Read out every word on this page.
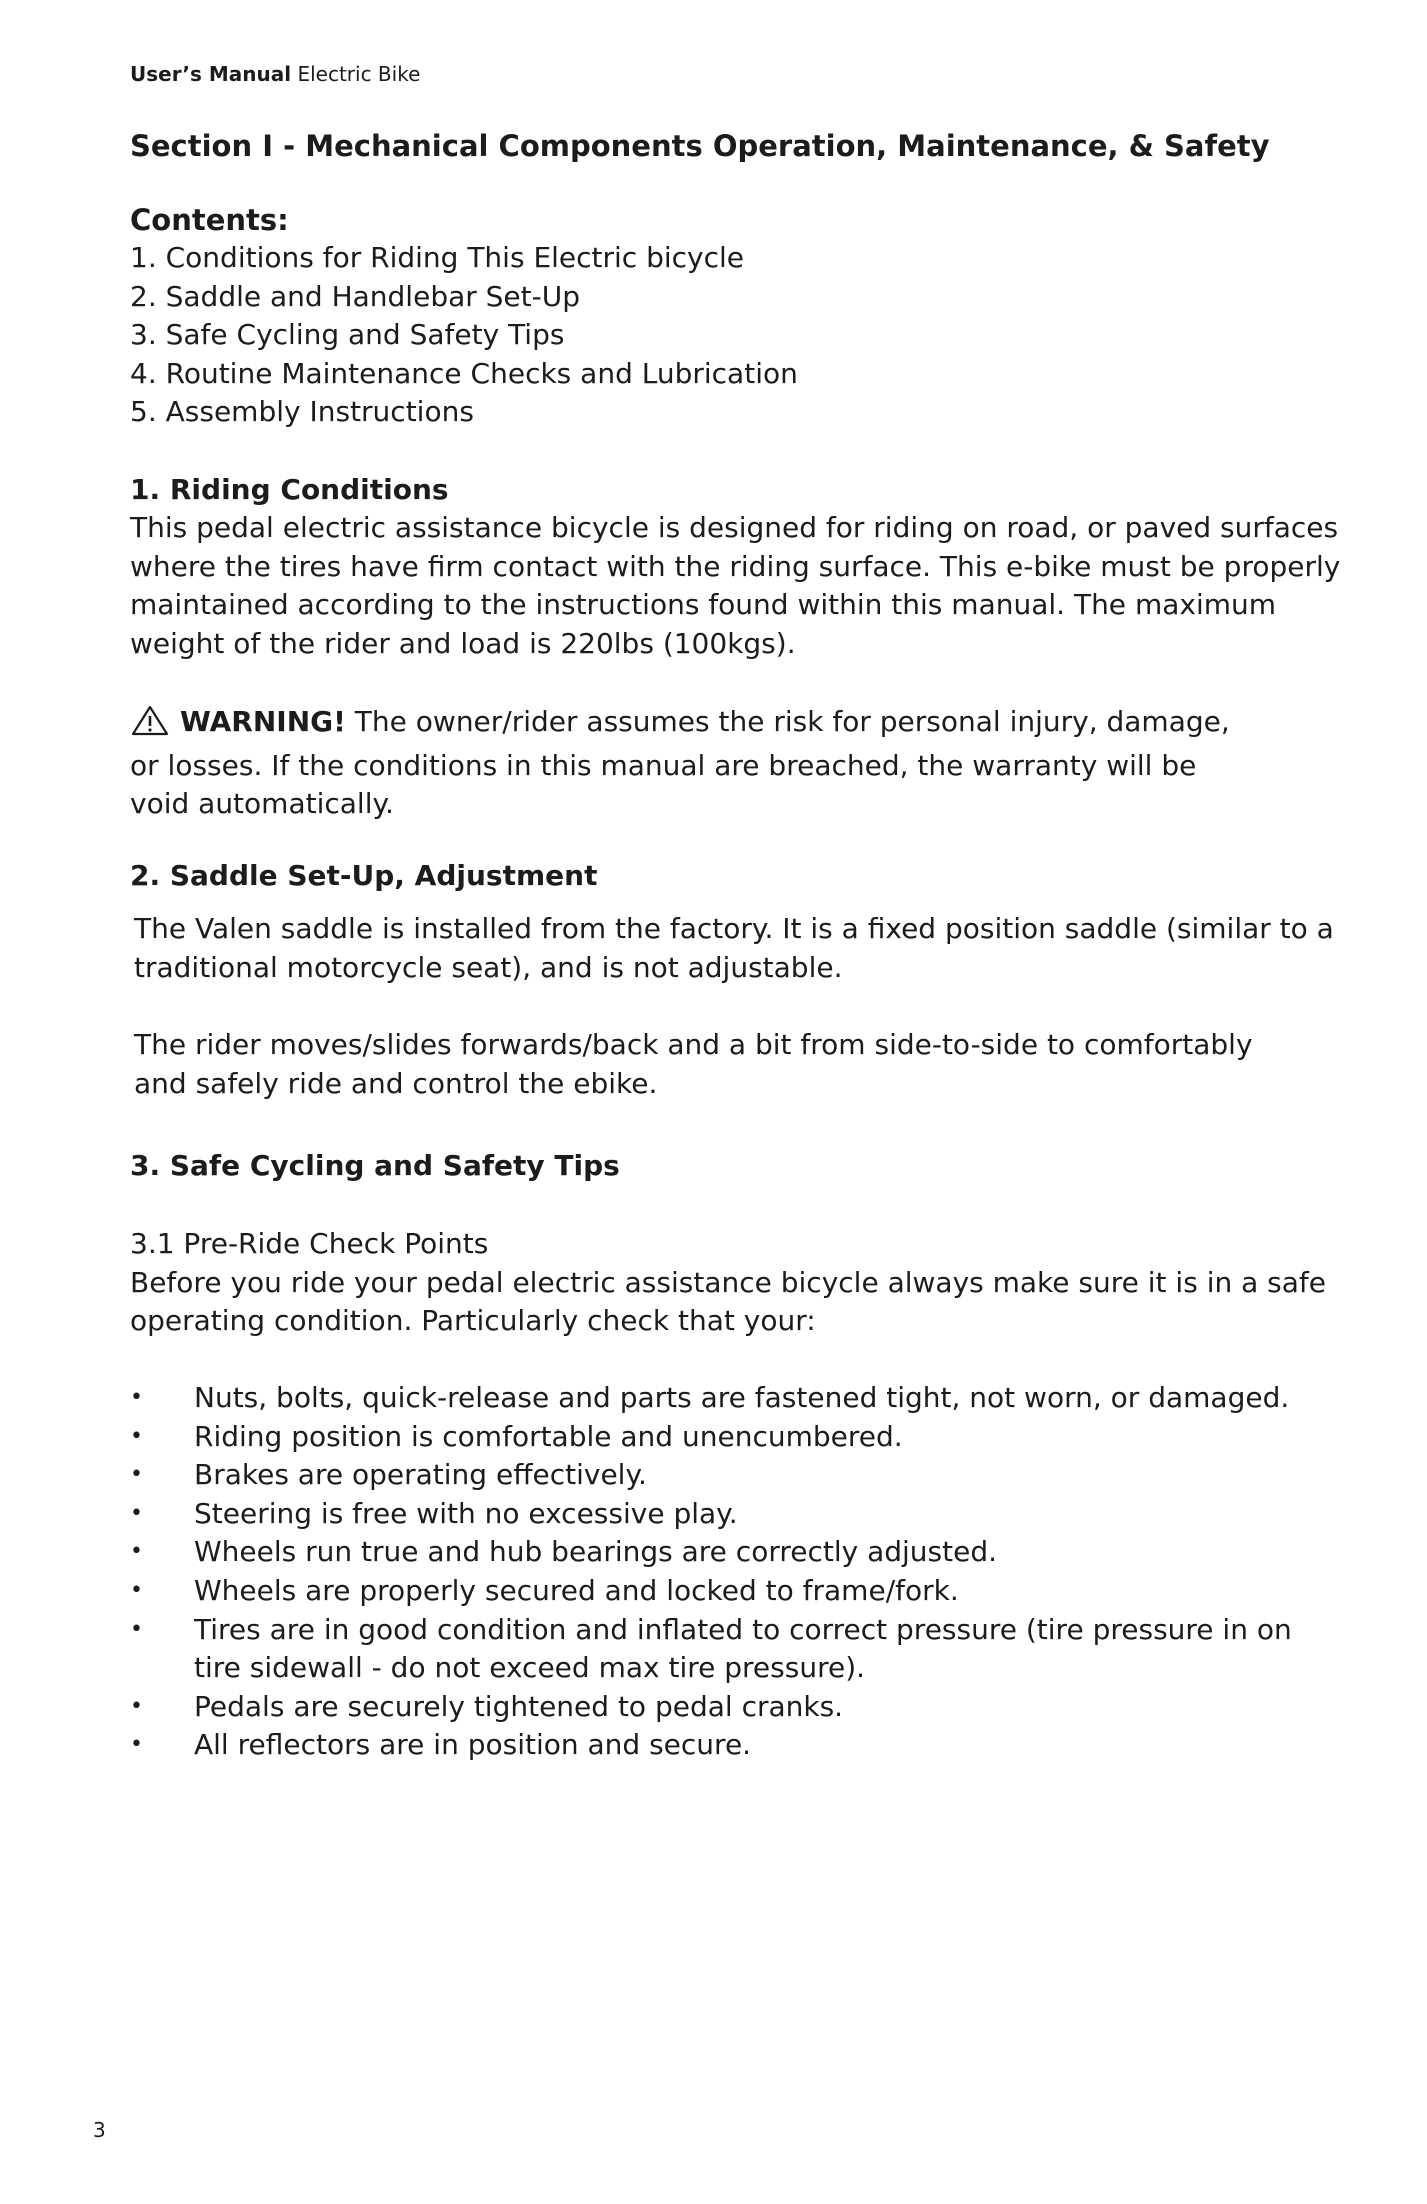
User’s Manual Electric Bike
Section I - Mechanical Components Operation, Maintenance, & Safety
Contents:
1. Conditions for Riding This Electric bicycle
2. Saddle and Handlebar Set-Up
3. Safe Cycling and Safety Tips
4. Routine Maintenance Checks and Lubrication
5. Assembly Instructions
1. Riding Conditions
This pedal electric assistance bicycle is designed for riding on road, or paved surfaces
where the tires have firm contact with the riding surface. This e-bike must be properly
maintained according to the instructions found within this manual. The maximum
weight of the rider and load is 220lbs (100kgs).
WARNING! The owner/rider assumes the risk for personal injury, damage,
or losses. If the conditions in this manual are breached, the warranty will be
void automatically.
2. Saddle Set-Up, Adjustment
The Valen saddle is installed from the factory. It is a fixed position saddle (similar to a
traditional motorcycle seat), and is not adjustable.
The rider moves/slides forwards/back and a bit from side-to-side to comfortably
and safely ride and control the ebike.
3. Safe Cycling and Safety Tips
3.1 Pre-Ride Check Points
Before you ride your pedal electric assistance bicycle always make sure it is in a safe
operating condition. Particularly check that your:
• Nuts, bolts, quick-release and parts are fastened tight, not worn, or damaged.
• Riding position is comfortable and unencumbered.
• Brakes are operating effectively.
• Steering is free with no excessive play.
• Wheels run true and hub bearings are correctly adjusted.
• Wheels are properly secured and locked to frame/fork.
• Tires are in good condition and inflated to correct pressure (tire pressure in on
tire sidewall - do not exceed max tire pressure).
• Pedals are securely tightened to pedal cranks.
• All reflectors are in position and secure.
3
